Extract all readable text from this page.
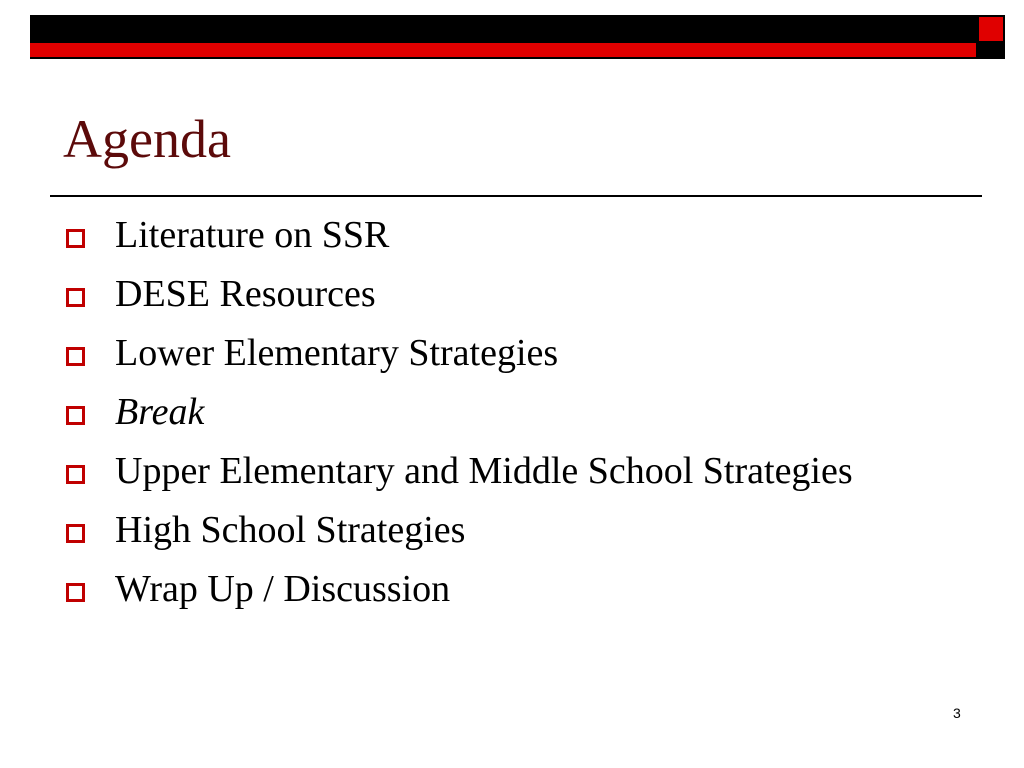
Agenda
Literature on SSR
DESE Resources
Lower Elementary Strategies
Break
Upper Elementary and Middle School Strategies
High School Strategies
Wrap Up / Discussion
3
